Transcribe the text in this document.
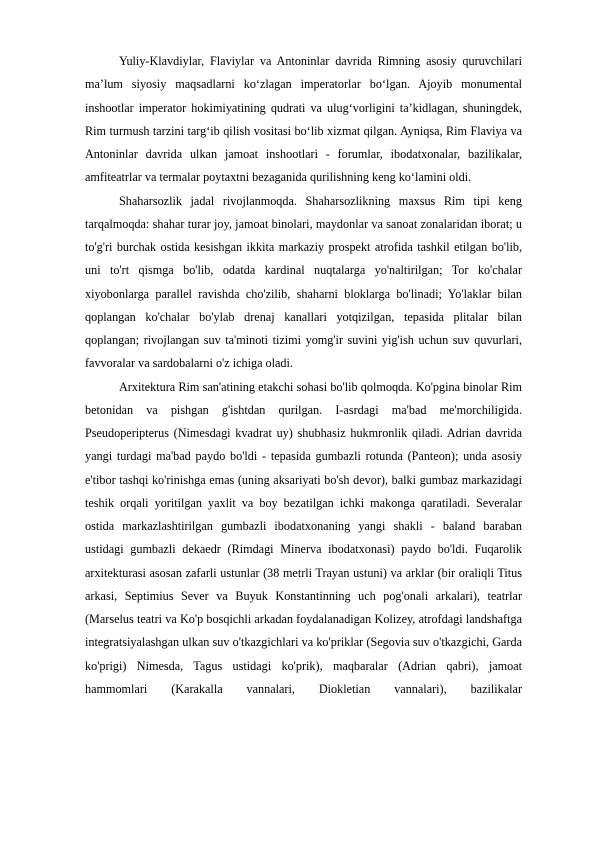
Yuliy-Klavdiylar, Flaviylar va Antoninlar davrida Rimning asosiy quruvchilari ma’lum siyosiy maqsadlarni ko‘zlagan imperatorlar bo‘lgan. Ajoyib monumental inshootlar imperator hokimiyatining qudrati va ulug‘vorligini ta’kidlagan, shuningdek, Rim turmush tarzini targ‘ib qilish vositasi bo‘lib xizmat qilgan. Ayniqsa, Rim Flaviya va Antoninlar davrida ulkan jamoat inshootlari - forumlar, ibodatxonalar, bazilikalar, amfiteatrlar va termalar poytaxtni bezaganida qurilishning keng ko‘lamini oldi.

Shaharsozlik jadal rivojlanmoqda. Shaharsozlikning maxsus Rim tipi keng tarqalmoqda: shahar turar joy, jamoat binolari, maydonlar va sanoat zonalaridan iborat; u to'g'ri burchak ostida kesishgan ikkita markaziy prospekt atrofida tashkil etilgan bo'lib, uni to'rt qismga bo'lib, odatda kardinal nuqtalarga yo'naltirilgan; Tor ko'chalar xiyobonlarga parallel ravishda cho'zilib, shaharni bloklarga bo'linadi; Yo'laklar bilan qoplangan ko'chalar bo'ylab drenaj kanallari yotqizilgan, tepasida plitalar bilan qoplangan; rivojlangan suv ta'minoti tizimi yomg'ir suvini yig'ish uchun suv quvurlari, favvoralar va sardobalarni o'z ichiga oladi.

Arxitektura Rim san'atining etakchi sohasi bo'lib qolmoqda. Ko'pgina binolar Rim betonidan va pishgan g'ishtdan qurilgan. I-asrdagi ma'bad me'morchiligida. Pseudoperipterus (Nimesdagi kvadrat uy) shubhasiz hukmronlik qiladi. Adrian davrida yangi turdagi ma'bad paydo bo'ldi - tepasida gumbazli rotunda (Panteon); unda asosiy e'tibor tashqi ko'rinishga emas (uning aksariyati bo'sh devor), balki gumbaz markazidagi teshik orqali yoritilgan yaxlit va boy bezatilgan ichki makonga qaratiladi. Severalar ostida markazlashtirilgan gumbazli ibodatxonaning yangi shakli - baland baraban ustidagi gumbazli dekaedr (Rimdagi Minerva ibodatxonasi) paydo bo'ldi. Fuqarolik arxitekturasi asosan zafarli ustunlar (38 metrli Trayan ustuni) va arklar (bir oraliqli Titus arkasi, Septimius Sever va Buyuk Konstantinning uch pog'onali arkalari), teatrlar (Marselus teatri va Ko'p bosqichli arkadan foydalanadigan Kolizey, atrofdagi landshaftga integratsiyalashgan ulkan suv o'tkazgichlari va ko'priklar (Segovia suv o'tkazgichi, Garda ko'prigi) Nimesda, Tagus ustidagi ko'prik), maqbaralar (Adrian qabri), jamoat hammomlari (Karakalla vannalari, Diokletian vannalari), bazilikalar
